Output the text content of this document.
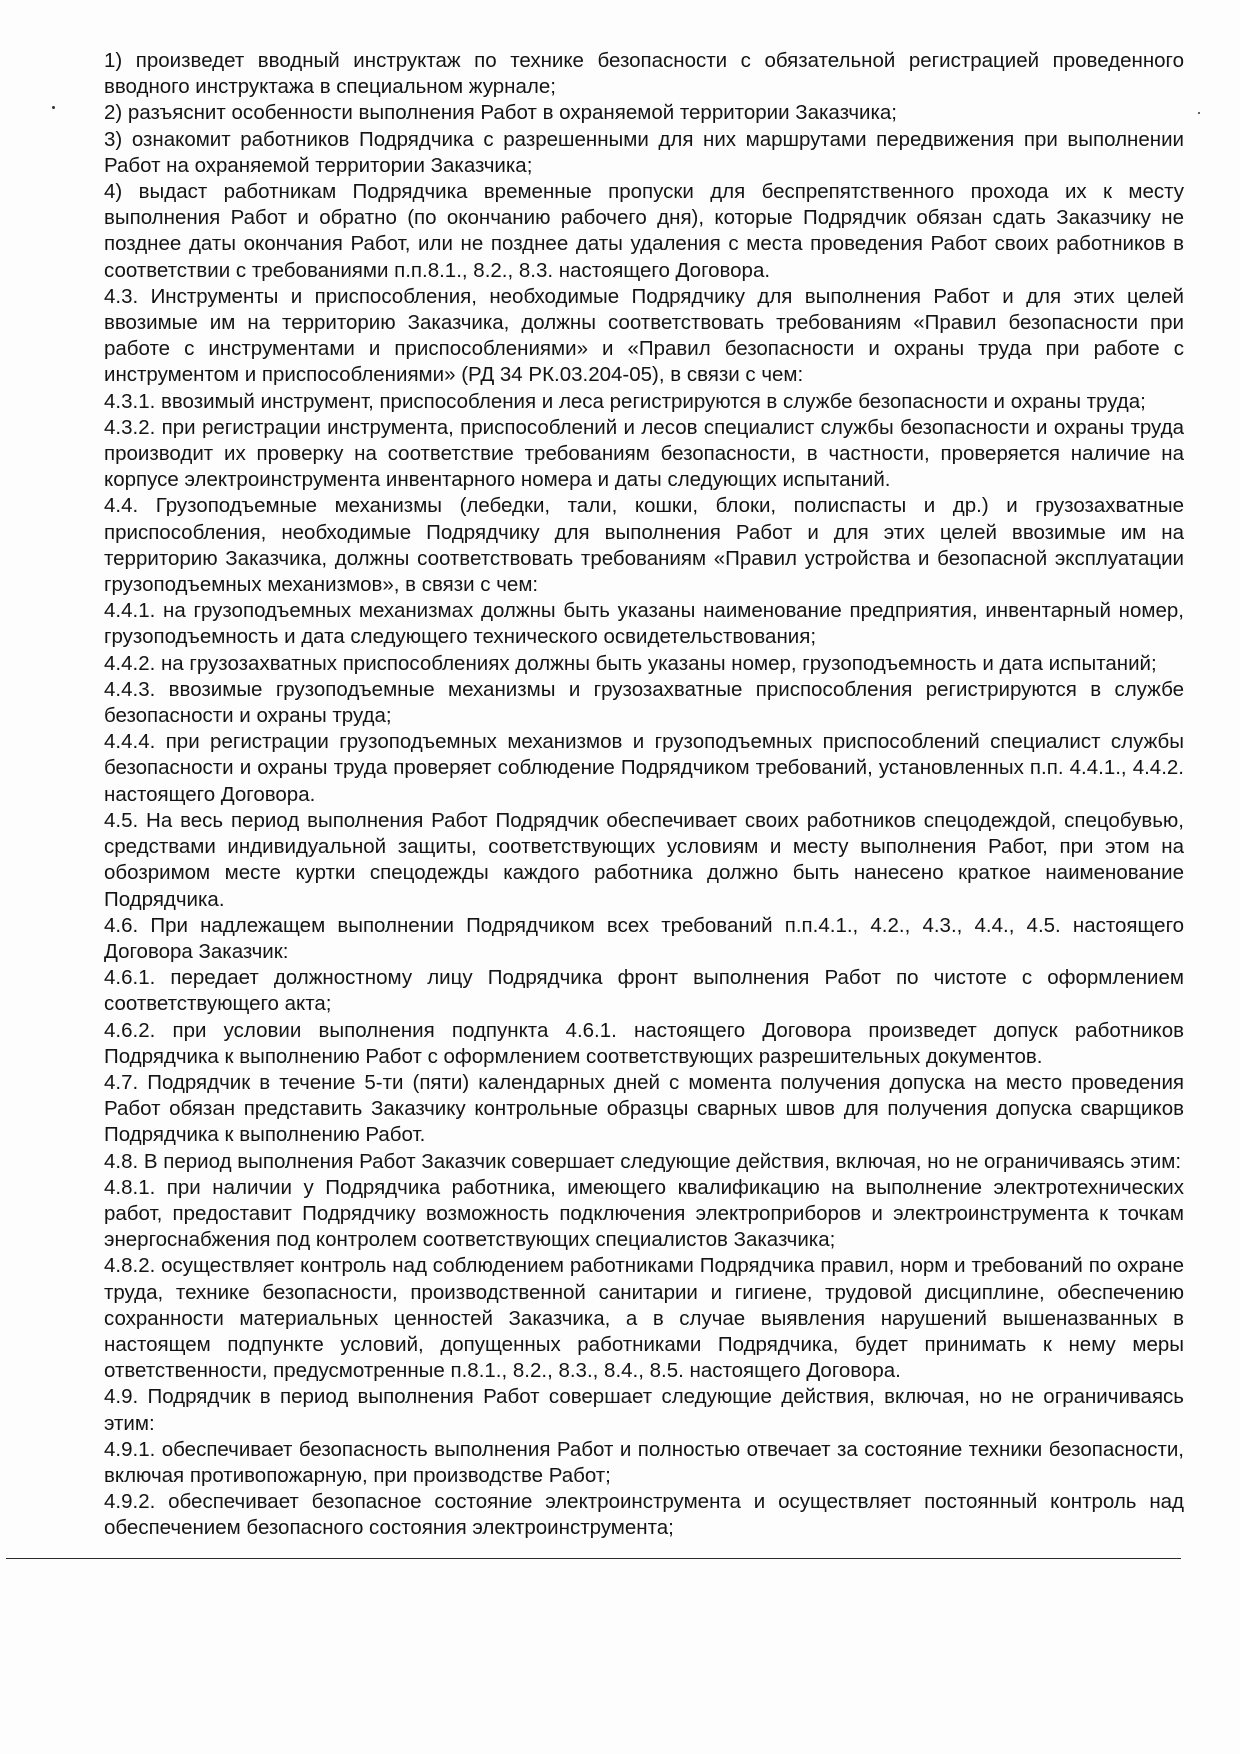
1) произведет вводный инструктаж по технике безопасности с обязательной регистрацией проведенного вводного инструктажа в специальном журнале;

2) разъяснит особенности выполнения Работ в охраняемой территории Заказчика;

3) ознакомит работников Подрядчика с разрешенными для них маршрутами передвижения при выполнении Работ на охраняемой территории Заказчика;

4) выдаст работникам Подрядчика временные пропуски для беспрепятственного прохода их к месту выполнения Работ и обратно (по окончанию рабочего дня), которые Подрядчик обязан сдать Заказчику не позднее даты окончания Работ, или не позднее даты удаления с места проведения Работ своих работников в соответствии с требованиями п.п.8.1., 8.2., 8.3. настоящего Договора.

4.3. Инструменты и приспособления, необходимые Подрядчику для выполнения Работ и для этих целей ввозимые им на территорию Заказчика, должны соответствовать требованиям «Правил безопасности при работе с инструментами и приспособлениями» и «Правил безопасности и охраны труда при работе с инструментом и приспособлениями» (РД 34 РК.03.204-05), в связи с чем:

4.3.1. ввозимый инструмент, приспособления и леса регистрируются в службе безопасности и охраны труда;

4.3.2. при регистрации инструмента, приспособлений и лесов специалист службы безопасности и охраны труда производит их проверку на соответствие требованиям безопасности, в частности, проверяется наличие на корпусе электроинструмента инвентарного номера и даты следующих испытаний.

4.4. Грузоподъемные механизмы (лебедки, тали, кошки, блоки, полиспасты и др.) и грузозахватные приспособления, необходимые Подрядчику для выполнения Работ и для этих целей ввозимые им на территорию Заказчика, должны соответствовать требованиям «Правил устройства и безопасной эксплуатации грузоподъемных механизмов», в связи с чем:

4.4.1. на грузоподъемных механизмах должны быть указаны наименование предприятия, инвентарный номер, грузоподъемность и дата следующего технического освидетельствования;

4.4.2. на грузозахватных приспособлениях должны быть указаны номер, грузоподъемность и дата испытаний;

4.4.3. ввозимые грузоподъемные механизмы и грузозахватные приспособления регистрируются в службе безопасности и охраны труда;

4.4.4. при регистрации грузоподъемных механизмов и грузоподъемных приспособлений специалист службы безопасности и охраны труда проверяет соблюдение Подрядчиком требований, установленных п.п. 4.4.1., 4.4.2. настоящего Договора.

4.5. На весь период выполнения Работ Подрядчик обеспечивает своих работников спецодеждой, спецобувью, средствами индивидуальной защиты, соответствующих условиям и месту выполнения Работ, при этом на обозримом месте куртки спецодежды каждого работника должно быть нанесено краткое наименование Подрядчика.

4.6. При надлежащем выполнении Подрядчиком всех требований п.п.4.1., 4.2., 4.3., 4.4., 4.5. настоящего Договора Заказчик:

4.6.1. передает должностному лицу Подрядчика фронт выполнения Работ по чистоте с оформлением соответствующего акта;

4.6.2. при условии выполнения подпункта 4.6.1. настоящего Договора произведет допуск работников Подрядчика к выполнению Работ с оформлением соответствующих разрешительных документов.

4.7. Подрядчик в течение 5-ти (пяти) календарных дней с момента получения допуска на место проведения Работ обязан представить Заказчику контрольные образцы сварных швов для получения допуска сварщиков Подрядчика к выполнению Работ.

4.8. В период выполнения Работ Заказчик совершает следующие действия, включая, но не ограничиваясь этим:

4.8.1. при наличии у Подрядчика работника, имеющего квалификацию на выполнение электротехнических работ, предоставит Подрядчику возможность подключения электроприборов и электроинструмента к точкам энергоснабжения под контролем соответствующих специалистов Заказчика;

4.8.2. осуществляет контроль над соблюдением работниками Подрядчика правил, норм и требований по охране труда, технике безопасности, производственной санитарии и гигиене, трудовой дисциплине, обеспечению сохранности материальных ценностей Заказчика, а в случае выявления нарушений вышеназванных в настоящем подпункте условий, допущенных работниками Подрядчика, будет принимать к нему меры ответственности, предусмотренные п.8.1., 8.2., 8.3., 8.4., 8.5. настоящего Договора.

4.9. Подрядчик в период выполнения Работ совершает следующие действия, включая, но не ограничиваясь этим:

4.9.1. обеспечивает безопасность выполнения Работ и полностью отвечает за состояние техники безопасности, включая противопожарную, при производстве Работ;

4.9.2. обеспечивает безопасное состояние электроинструмента и осуществляет постоянный контроль над обеспечением безопасного состояния электроинструмента;
